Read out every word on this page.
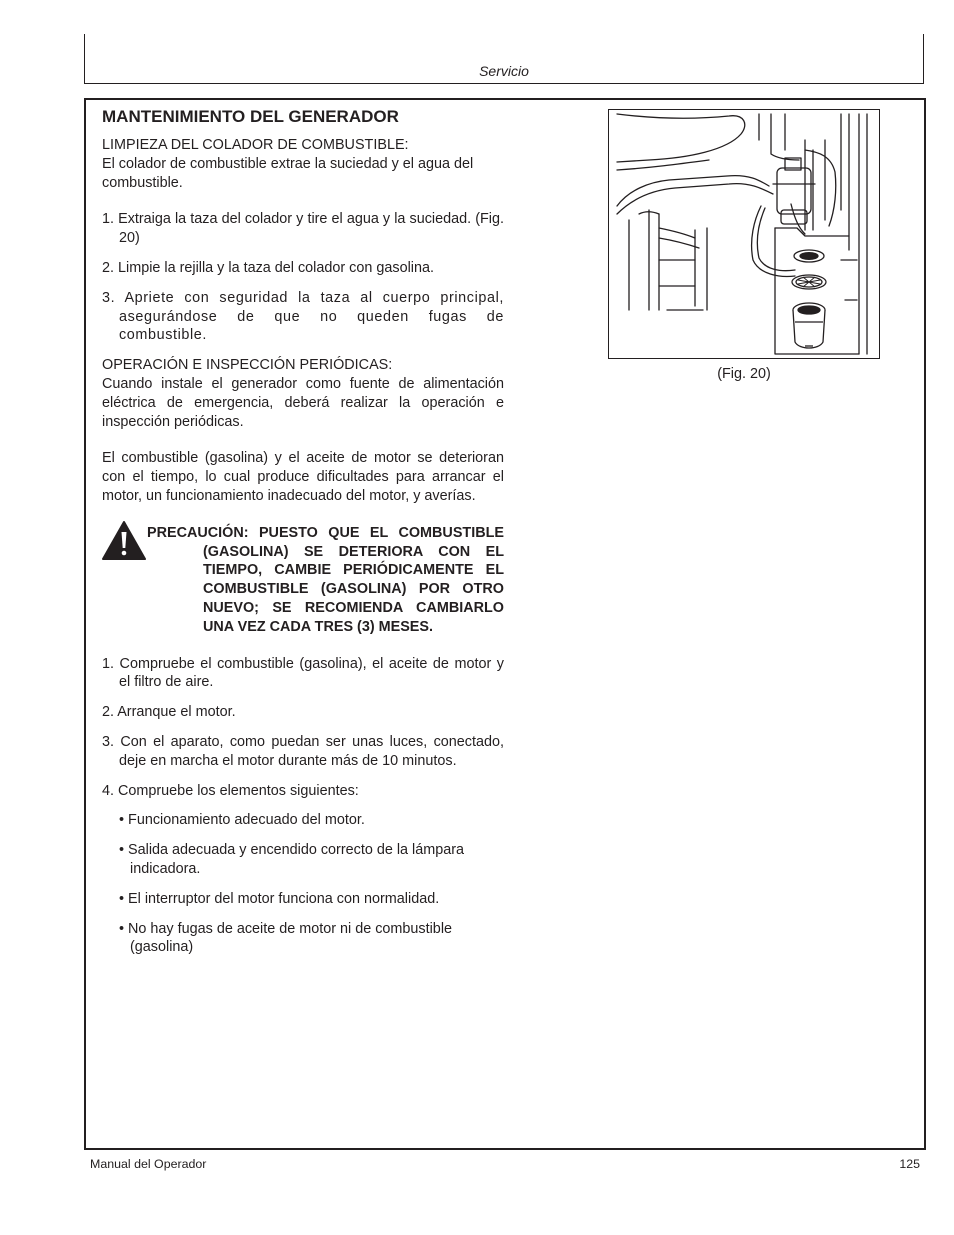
Servicio
MANTENIMIENTO DEL GENERADOR

LIMPIEZA DEL COLADOR DE COMBUSTIBLE:

El colador de combustible extrae la suciedad y el agua del combustible.

1. Extraiga la taza del colador y tire el agua y la suciedad. (Fig. 20)

2. Limpie la rejilla y la taza del colador con gasolina.

3. Apriete con seguridad la taza al cuerpo principal, asegurándose de que no queden fugas de combustible.

OPERACIÓN E INSPECCIÓN PERIÓDICAS:

Cuando instale el generador como fuente de alimentación eléctrica de emergencia, deberá realizar la operación e inspección periódicas.

El combustible (gasolina) y el aceite de motor se deterioran con el tiempo, lo cual produce dificultades para arrancar el motor, un funcionamiento inadecuado del motor, y averías.

PRECAUCIÓN: PUESTO QUE EL COMBUSTIBLE (GASOLINA) SE DETERIORA CON EL TIEMPO, CAMBIE PERIÓDICAMENTE EL COMBUSTIBLE (GASOLINA) POR OTRO NUEVO; SE RECOMIENDA CAMBIARLO UNA VEZ CADA TRES (3) MESES.

1. Compruebe el combustible (gasolina), el aceite de motor y el filtro de aire.

2. Arranque el motor.

3. Con el aparato, como puedan ser unas luces, conectado, deje en marcha el motor durante más de 10 minutos.

4. Compruebe los elementos siguientes:

• Funcionamiento adecuado del motor.

• Salida adecuada y encendido correcto de la lámpara indicadora.

• El interruptor del motor funciona con normalidad.

• No hay fugas de aceite de motor ni de combustible (gasolina)

(Fig. 20)
Manual del Operador	125
